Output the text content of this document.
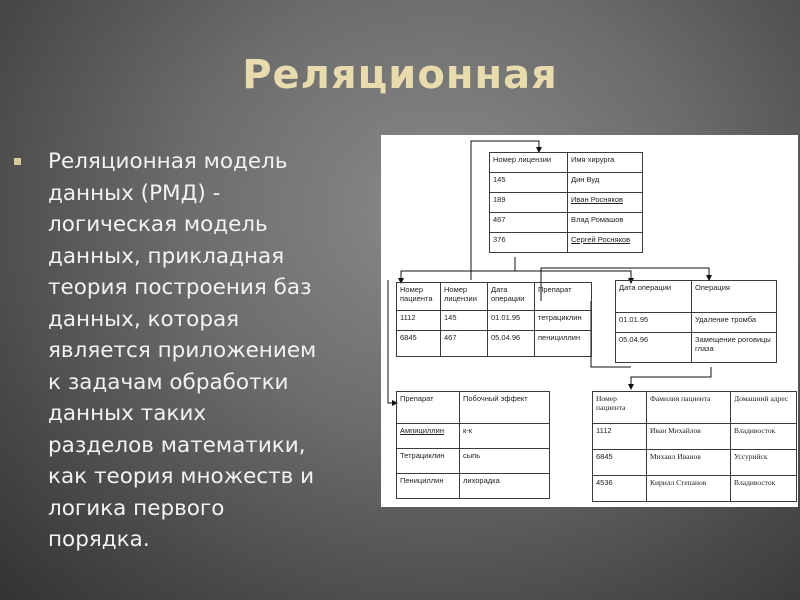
Реляционная

Реляционная модель
данных (РМД) -
логическая модель
данных, прикладная
теория построения баз
данных, которая
является приложением
к задачам обработки
данных таких
разделов математики,
как теория множеств и
логика первого
порядка.

Номер лицензии	Имя хирурга
145	Дин Вуд
189	Иван Росняков
467	Влад Ромашов
376	Сергей Росняков
Номер пациента	Номер лицензии	Дата операции	Препарат
1112	145	01.01.95	тетрациклин
6845	467	05.04.96	пенициллин
Дата операции	Операция
01.01.95	Удаление тромба
05.04.96	Замещение роговицы глаза
Препарат	Побочный эффект
Ампициллин	к-к
Тетрациклин	сыпь
Пенициллин	лихорадка
Номер пациента	Фамилия пациента	Домашний адрес
1112	Иван Михайлов	Владивосток
6845	Михаил Иванов	Уссурийск
4536	Кирилл Степанов	Владивосток
